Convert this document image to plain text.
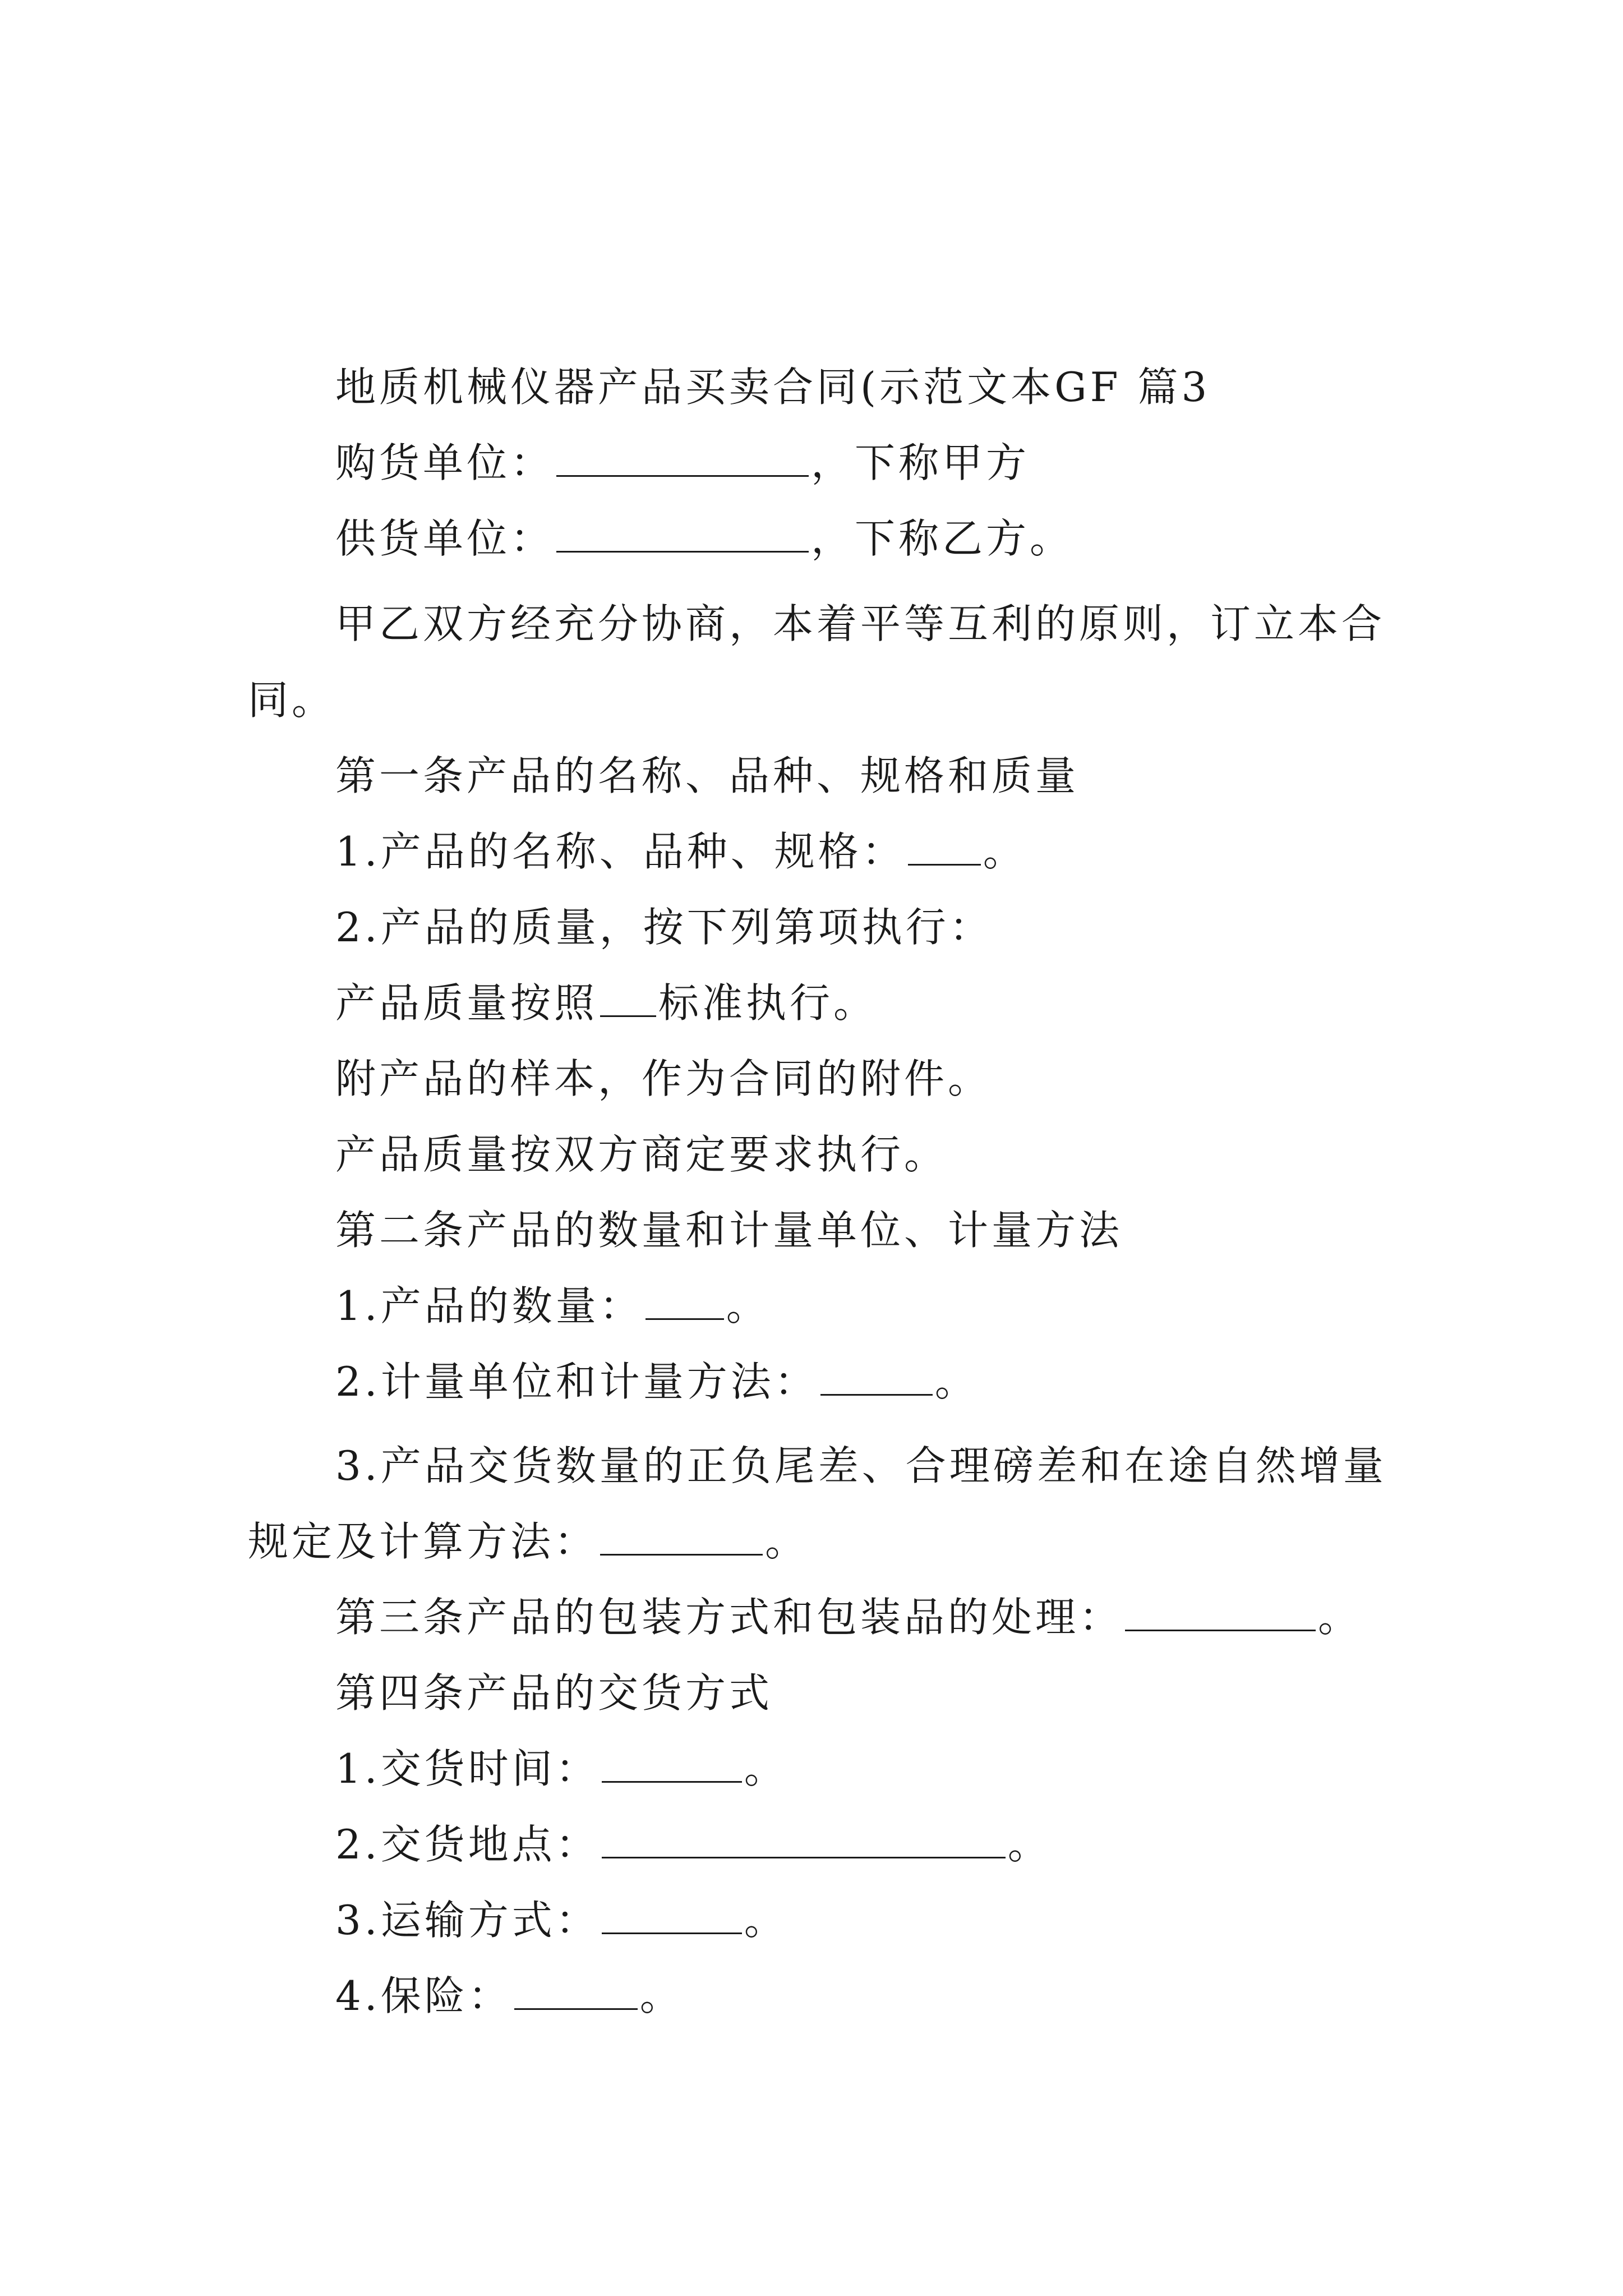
地质机械仪器产品买卖合同(示范文本GF 篇3
购货单位：	，下称甲方
供货单位：	，下称乙方。
甲乙双方经充分协商，本着平等互利的原则，订立本合
同。
第一条产品的名称、品种、规格和质量
1.产品的名称、品种、规格： 。
2.产品的质量，按下列第项执行：
产品质量按照 标准执行。
附产品的样本，作为合同的附件。
产品质量按双方商定要求执行。
第二条产品的数量和计量单位、计量方法
1.产品的数量： 。
2.计量单位和计量方法：	。
3.产品交货数量的正负尾差、合理磅差和在途自然增量
规定及计算方法：	。
第三条产品的包装方式和包装品的处理：	。
第四条产品的交货方式
1.交货时间：	。
2.交货地点：	。
3.运输方式：	。
4.保险：	。
